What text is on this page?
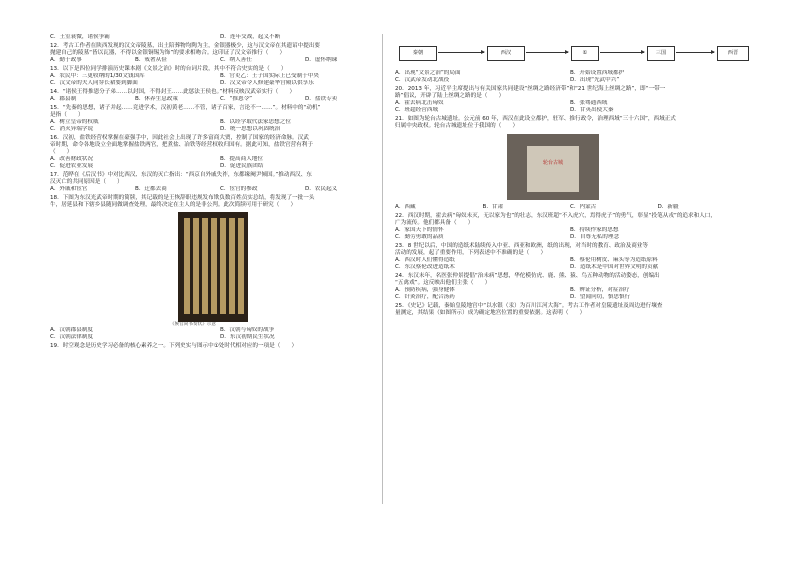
C．王室衰微，诸侯争霸	D．连年交战，起义不断
12．考古工作者在陕西发现的汉文帝陵墓，出土陪葬物均陶为主，金银器极少，这与汉文帝在其遗诏中提出要
抛建自己的陵墓“皆以瓦器，不得以金银铜锡为饰”的要求相吻合。这印证了汉文帝推行（　　）
A．勤于政事	B．戒奢从俭	C．纳人善任	D．虚怀纳谏
13．以下是四位同学排演历史课本剧《文景之治》时的台词片段，其中不符合史实的是（　　）
A．农民甲：三更收纳的1/30文钱国库	B．官吏乙：王子国实际上已受制于中央
C．汉文帝的夫人同穿长裙要到脚面	D．汉文帝令人修建豪华宫殿以供享乐
14．“诸侯王得推恩分子弟……以封国，不得封王……此惩法王侯也。”材料反映汉武帝实行（　　）
A．郡县制	B．休养生息政策	C．“推恩令”	D．盐铁专卖
15．“先秦的思想，诸子并起……竞进学术，汉初黄老……不管，诸子百家，言论不一……”。材料中的“动机”
是指（　　）
A．树立皇帝的权威	B．以经学取代法家思想之位
C．消灭异端学说	D．统一思想以巩固统治
16．汉初，盐铁经营权掌握在豪强手中，因此社会上出现了许多富商大贾，控制了国家的经济命脉。汉武
帝时期，命令各地设立全面地掌握盐铁两官，把煮盐、冶铁等经营权收归国有。据此可知，盐铁官营有利于
（　　）
A．改善财政状况	B．提高商人地位
C．促进农业发展	D．促进民族团结
17．范晔在《后汉书》中对比西汉、东汉的灭亡指出：“西京自外戚失祚，东都缘阉尹倾国。”推动西汉、东
汉灭亡的共同原因是（　　）
A．外戚和宦官	B．迁都去商	C．宦官的参政	D．农民起义
18．下图为东汉光武帝时期的简牍，其记载的是王恢辞职违规发布欺负数百姓员实总结，将发现了一批一头
牛，居延县和下辖乡县随同做调查处理，最终决定在主人的是非公判。此次简牍可用于研究（　　）
《候官简书奏状》示意
A．汉朝郡县制度	B．汉朝与匈奴的战争
C．汉朝法律制度	D．东汉初期民生状况
19．时空观念是历史学习必备的核心素养之一。下列史实与图示中①处时代相对应的一项是（　　）
秦朝	西汉	①	三国	西晋
A．出现“文景之治”的局面	B．开始设置西域都护
C．汉武帝发动北战役	D．出现“光武中兴”
20．2013 年，习近平主席提出与有关国家共同建设“丝绸之路经济带”和“21 世纪海上丝绸之路”，即“一带一
路”倡议，开辟了陆上丝绸之路的是（　　）
A．霍去病北击匈奴	B．张骞通西域
C．班超经营西域	D．甘英出使大秦
21．如图为轮台古城遗址。公元前 60 年，西汉在此设立都护，驻军、推行政令，治理西域“三十六国”，西域正式
归属中央政权。轮台古城遗址位于我国的（　　）
轮台古城
A．西藏	B．甘肃	C．内蒙古	D．新疆
22．西汉时期，霍去病“匈奴未灭，无以家为也”的壮志，东汉班超“不入虎穴，焉得虎子”的勇气，彰显“投笔从戎”的追求和人口，
广为流传。他们都具备（　　）
A．家国天下的情怀	B．持续作家的思想
C．勤劳勇敢的品质	D．自尊无私的理念
23．8 世纪以后，中国的造纸术陆续传入中亚、西亚和欧洲，纸的出现，对当时的教育、政治及商业等
活动的发展，起了重要作用，下列表述中不准确的是（　　）
A．西汉时人们懂得造纸	B．蔡伦用树皮、麻头等为造纸原料
C．东汉蔡伦改进造纸术	D．造纸术是中国对世界文明的贡献
24．东汉末年，名医张仲景提倡“治未病”思想，华佗模仿虎、鹿、熊、猿、鸟五种动物的活动姿态，创编出
“五禽戏”。这反映出他们主张（　　）
A．预防疾病，强身健体	B．辨证分析，对症治疗
C．针灸治疗，配合汤药	D．望闻问切，慎思慎行
25．《史记》记载，秦始皇陵地宫中“以水银（汞）为百川江河大海”。考古工作者对皇陵遗址及周边进行壤查
量测定，其结果（如图所示）成为确定地宫位置的重要依据。这表明（　　）
